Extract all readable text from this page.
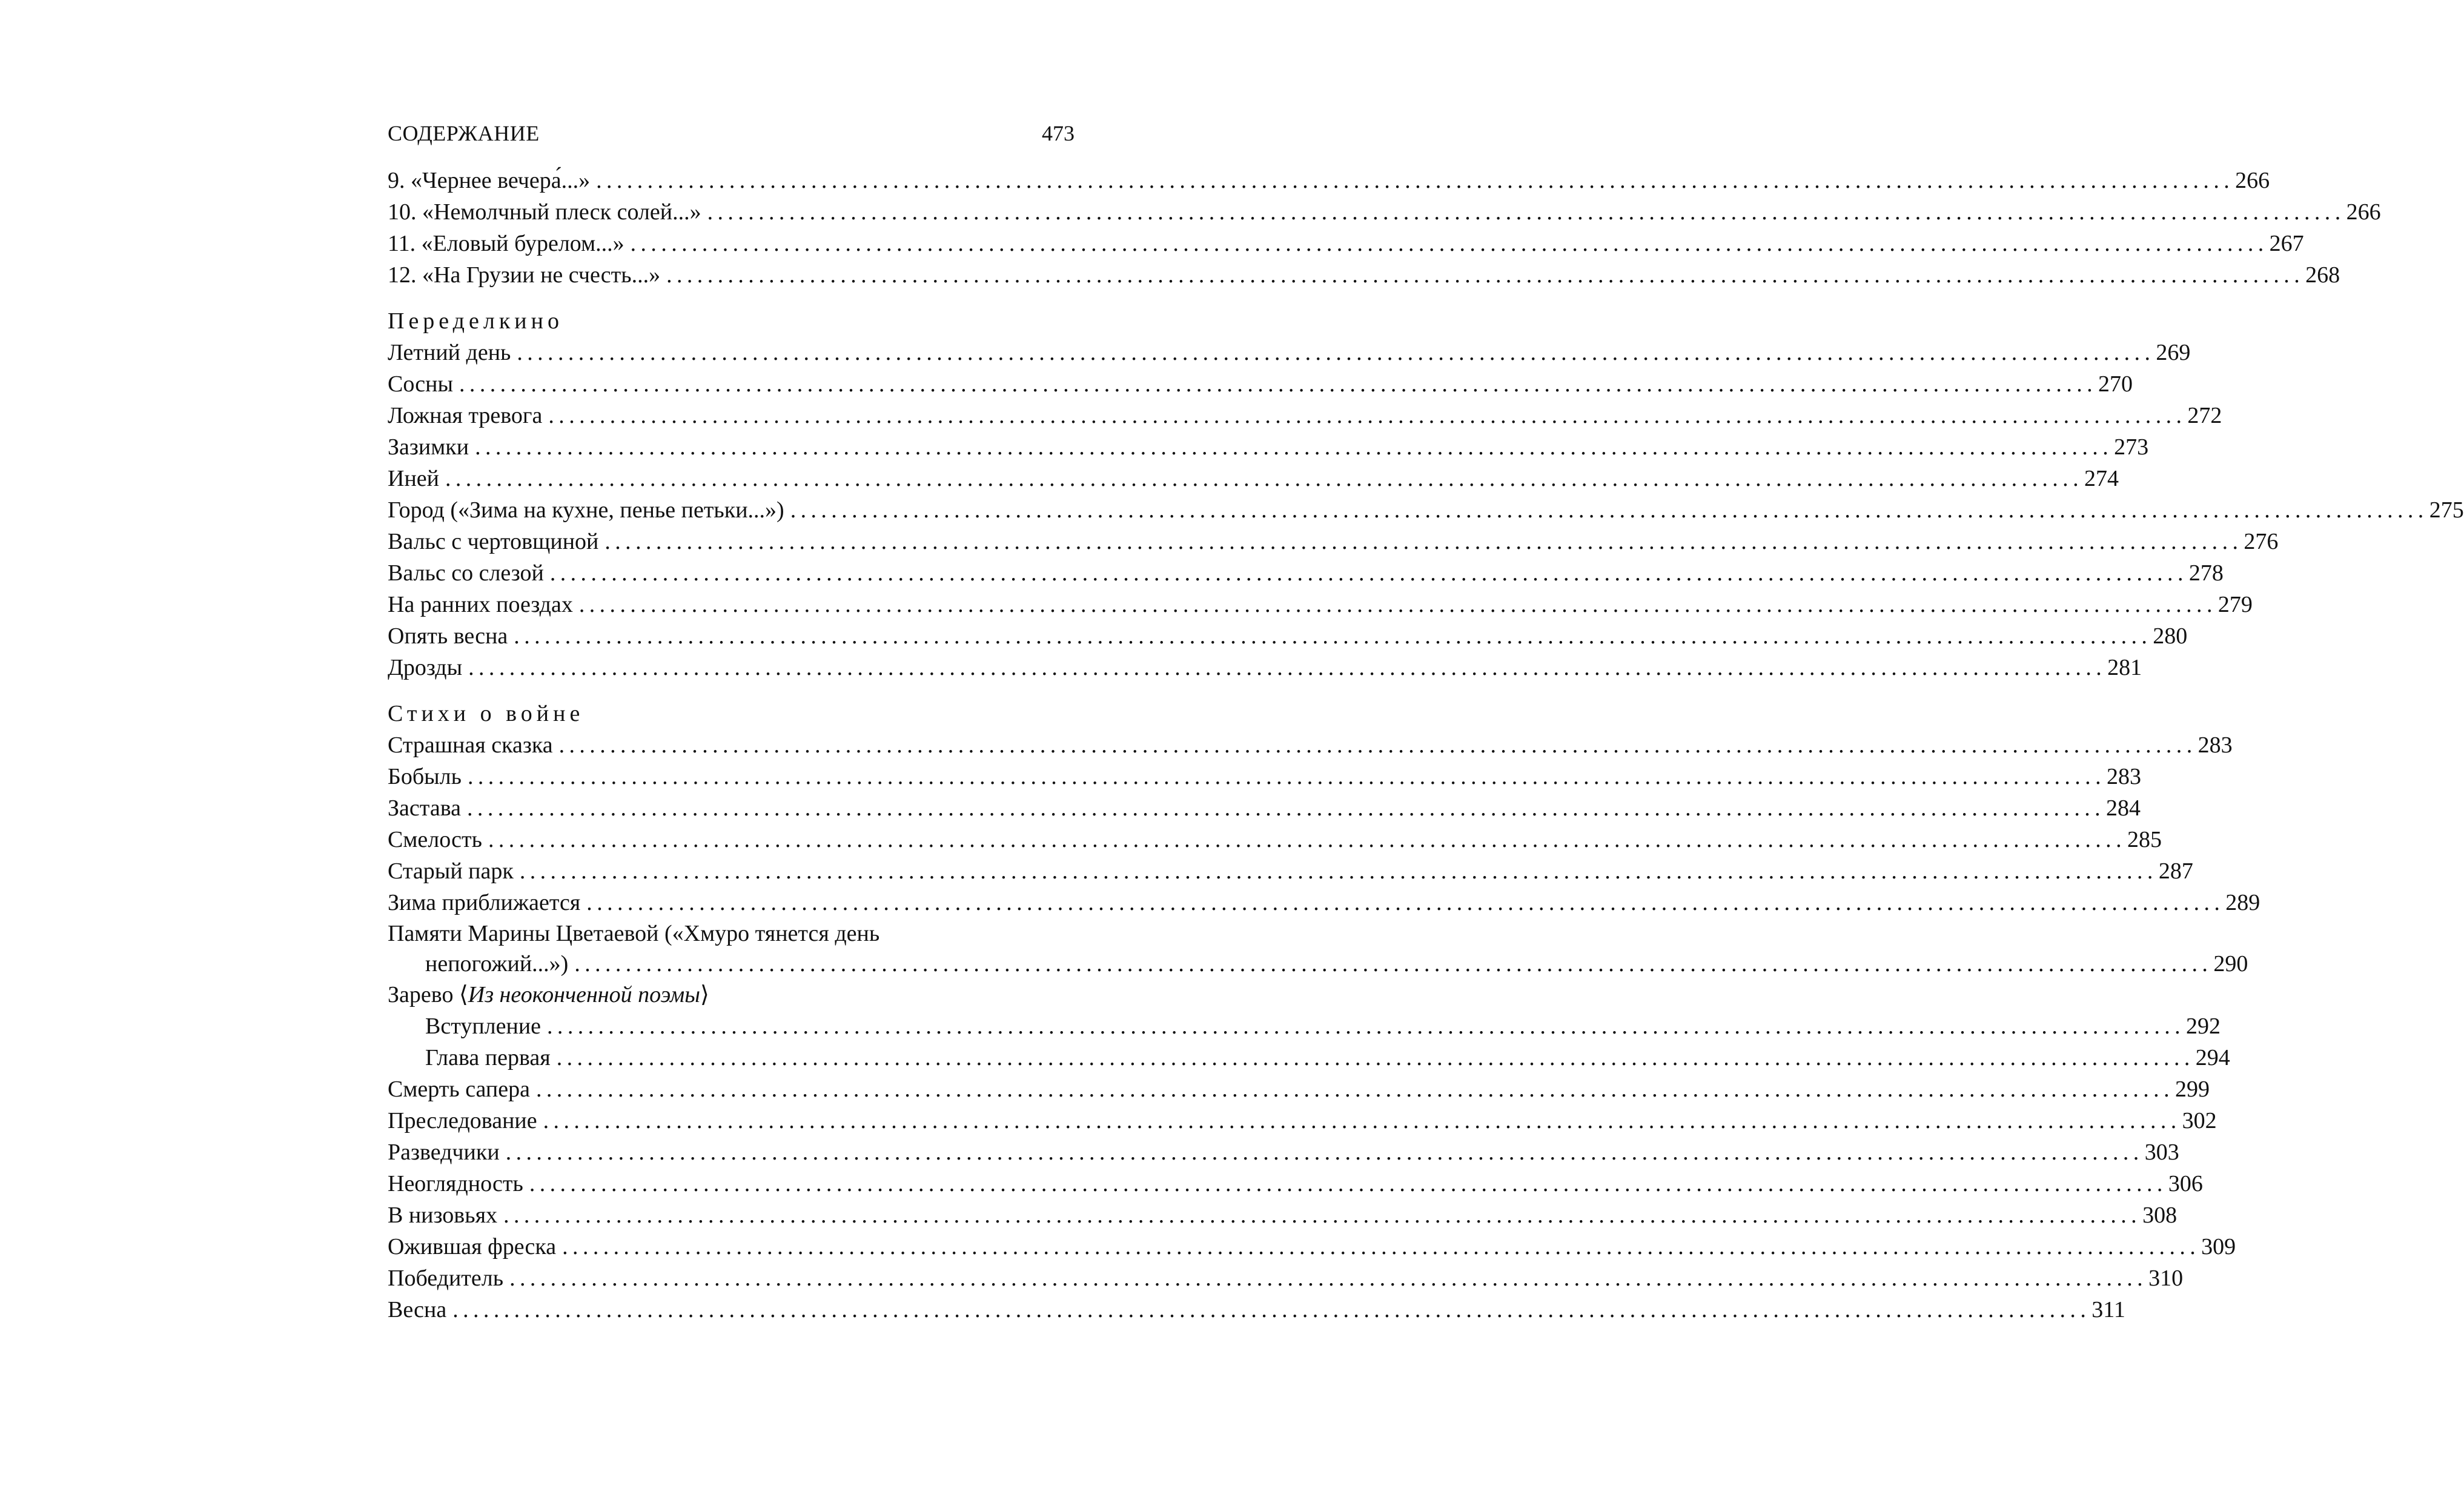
СОДЕРЖАНИЕ	473
9. «Чернее вечера́...» ................................................................................................................................................................ 266
10. «Немолчный плеск солей...» ................................................................................................................................................................ 266
11. «Еловый бурелом...» ................................................................................................................................................................ 267
12. «На Грузии не счесть...» ................................................................................................................................................................ 268
Переделкино
Летний день ................................................................................................................................................................ 269
Сосны ................................................................................................................................................................ 270
Ложная тревога ................................................................................................................................................................ 272
Зазимки ................................................................................................................................................................ 273
Иней ................................................................................................................................................................ 274
Город («Зима на кухне, пенье петьки...») ................................................................................................................................................................ 275
Вальс с чертовщиной ................................................................................................................................................................ 276
Вальс со слезой ................................................................................................................................................................ 278
На ранних поездах ................................................................................................................................................................ 279
Опять весна ................................................................................................................................................................ 280
Дрозды ................................................................................................................................................................ 281
Стихи о войне
Страшная сказка ................................................................................................................................................................ 283
Бобыль ................................................................................................................................................................ 283
Застава ................................................................................................................................................................ 284
Смелость ................................................................................................................................................................ 285
Старый парк ................................................................................................................................................................ 287
Зима приближается ................................................................................................................................................................ 289
Памяти Марины Цветаевой («Хмуро тянется день
непогожий...») ................................................................................................................................................................ 290
Зарево ⟨Из неоконченной поэмы⟩
Вступление ................................................................................................................................................................ 292
Глава первая ................................................................................................................................................................ 294
Смерть сапера ................................................................................................................................................................ 299
Преследование ................................................................................................................................................................ 302
Разведчики ................................................................................................................................................................ 303
Неоглядность ................................................................................................................................................................ 306
В низовьях ................................................................................................................................................................ 308
Ожившая фреска ................................................................................................................................................................ 309
Победитель ................................................................................................................................................................ 310
Весна ................................................................................................................................................................ 311
